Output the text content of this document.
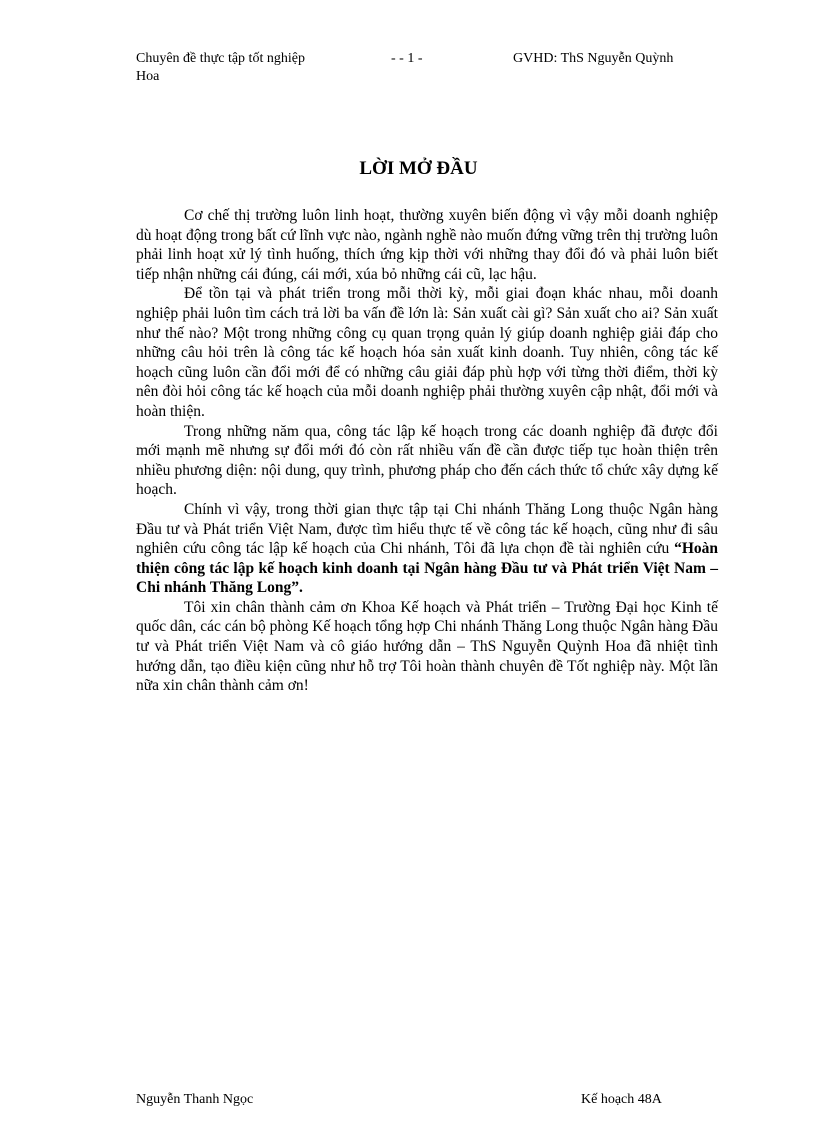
Chuyên đề thực tập tốt nghiệp	- - 1 -	GVHD: ThS Nguyễn Quỳnh
Hoa
LỜI MỞ ĐẦU

Cơ chế thị trường luôn linh hoạt, thường xuyên biến động vì vậy mỗi doanh nghiệp dù hoạt động trong bất cứ lĩnh vực nào, ngành nghề nào muốn đứng vững trên thị trường luôn phải linh hoạt xử lý tình huống, thích ứng kịp thời với những thay đổi đó và phải luôn biết tiếp nhận những cái đúng, cái mới, xúa bỏ những cái cũ, lạc hậu.

Để tồn tại và phát triển trong mỗi thời kỳ, mỗi giai đoạn khác nhau, mỗi doanh nghiệp phải luôn tìm cách trả lời ba vấn đề lớn là: Sản xuất cài gì? Sản xuất cho ai? Sản xuất như thế nào? Một trong những công cụ quan trọng quản lý giúp doanh nghiệp giải đáp cho những câu hỏi trên là công tác kế hoạch hóa sản xuất kinh doanh. Tuy nhiên, công tác kế hoạch cũng luôn cần đổi mới để có những câu giải đáp phù hợp với từng thời điểm, thời kỳ nên đòi hỏi công tác kế hoạch của mỗi doanh nghiệp phải thường xuyên cập nhật, đổi mới và hoàn thiện.

Trong những năm qua, công tác lập kế hoạch trong các doanh nghiệp đã được đổi mới mạnh mẽ nhưng sự đổi mới đó còn rất nhiều vấn đề cần được tiếp tục hoàn thiện trên nhiều phương diện: nội dung, quy trình, phương pháp cho đến cách thức tổ chức xây dựng kế hoạch.

Chính vì vậy, trong thời gian thực tập tại Chi nhánh Thăng Long thuộc Ngân hàng Đầu tư và Phát triển Việt Nam, được tìm hiểu thực tế về công tác kế hoạch, cũng như đi sâu nghiên cứu công tác lập kế hoạch của Chi nhánh, Tôi đã lựa chọn đề tài nghiên cứu “Hoàn thiện công tác lập kế hoạch kinh doanh tại Ngân hàng Đầu tư và Phát triển Việt Nam – Chi nhánh Thăng Long”.

Tôi xin chân thành cảm ơn Khoa Kế hoạch và Phát triển – Trường Đại học Kinh tế quốc dân, các cán bộ phòng Kế hoạch tổng hợp Chi nhánh Thăng Long thuộc Ngân hàng Đầu tư và Phát triển Việt Nam và cô giáo hướng dẫn – ThS Nguyễn Quỳnh Hoa đã nhiệt tình hướng dẫn, tạo điều kiện cũng như hỗ trợ Tôi hoàn thành chuyên đề Tốt nghiệp này. Một lần nữa xin chân thành cảm ơn!

Nguyễn Thanh Ngọc	Kế hoạch 48A
